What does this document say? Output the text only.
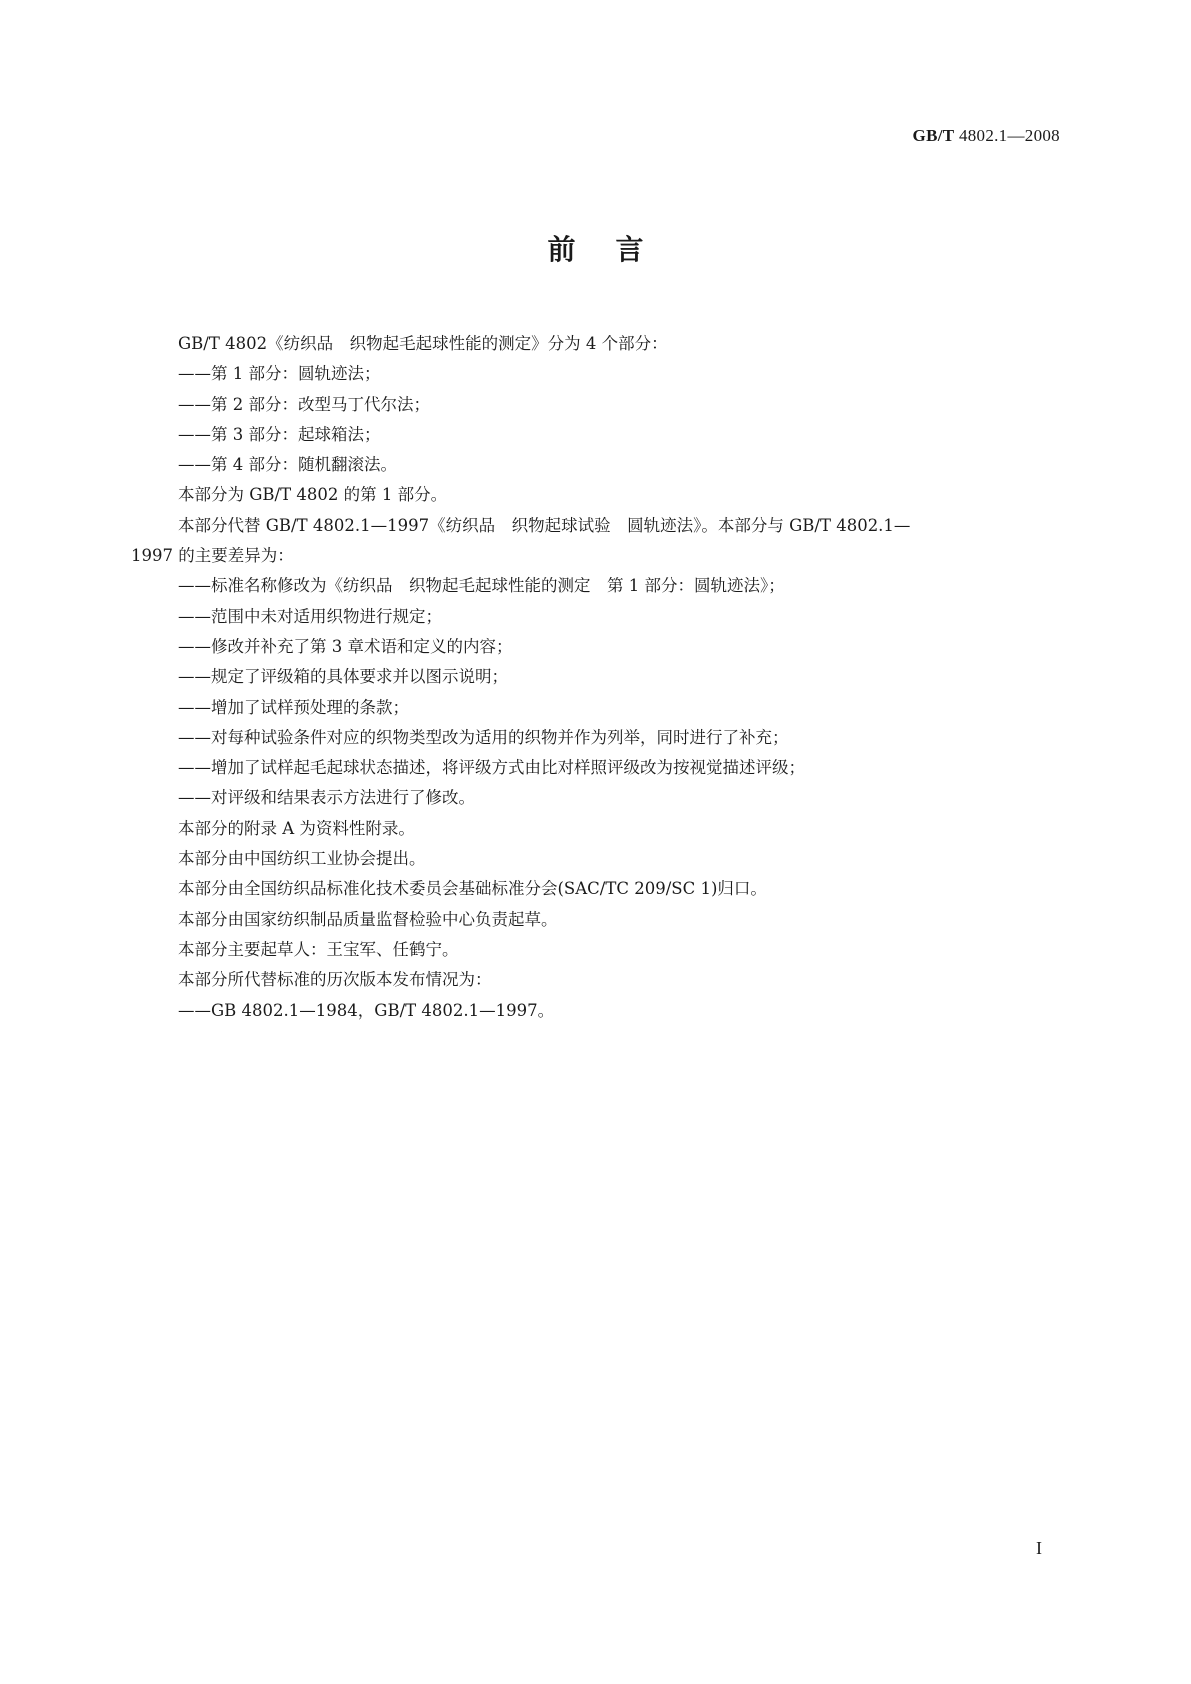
GB/T 4802.1—2008
前言
GB/T 4802《纺织品　织物起毛起球性能的测定》分为 4 个部分：
——第 1 部分：圆轨迹法；
——第 2 部分：改型马丁代尔法；
——第 3 部分：起球箱法；
——第 4 部分：随机翻滚法。
本部分为 GB/T 4802 的第 1 部分。
本部分代替 GB/T 4802.1—1997《纺织品　织物起球试验　圆轨迹法》。本部分与 GB/T 4802.1—
1997 的主要差异为：
——标准名称修改为《纺织品　织物起毛起球性能的测定　第 1 部分：圆轨迹法》；
——范围中未对适用织物进行规定；
——修改并补充了第 3 章术语和定义的内容；
——规定了评级箱的具体要求并以图示说明；
——增加了试样预处理的条款；
——对每种试验条件对应的织物类型改为适用的织物并作为列举，同时进行了补充；
——增加了试样起毛起球状态描述，将评级方式由比对样照评级改为按视觉描述评级；
——对评级和结果表示方法进行了修改。
本部分的附录 A 为资料性附录。
本部分由中国纺织工业协会提出。
本部分由全国纺织品标准化技术委员会基础标准分会(SAC/TC 209/SC 1)归口。
本部分由国家纺织制品质量监督检验中心负责起草。
本部分主要起草人：王宝军、任鹤宁。
本部分所代替标准的历次版本发布情况为：
——GB 4802.1—1984，GB/T 4802.1—1997。
I
